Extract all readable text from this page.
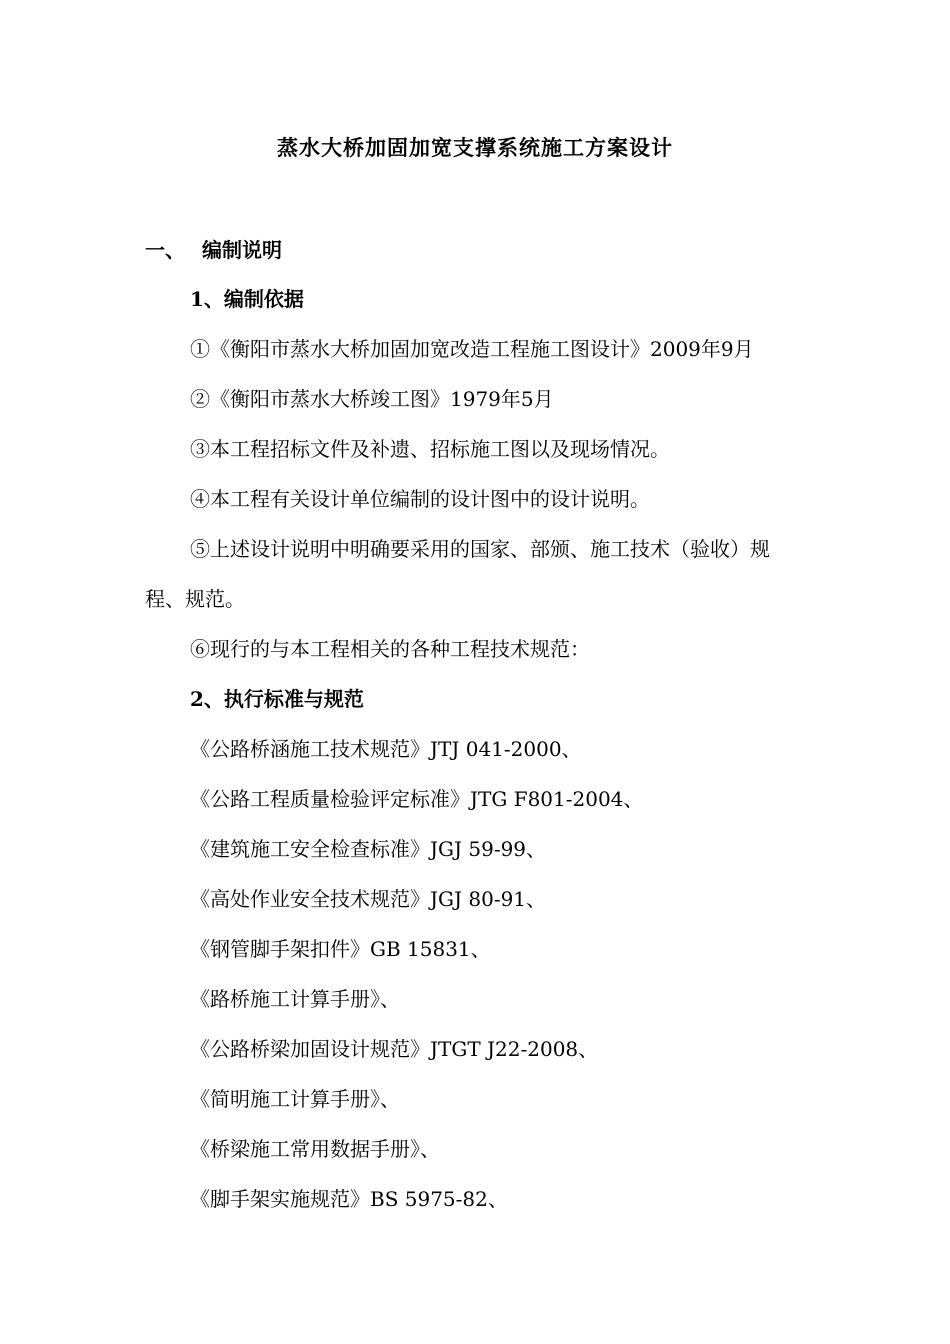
蒸水大桥加固加宽支撑系统施工方案设计
一、 编制说明
1、编制依据
①《衡阳市蒸水大桥加固加宽改造工程施工图设计》2009年9月
②《衡阳市蒸水大桥竣工图》1979年5月
③本工程招标文件及补遗、招标施工图以及现场情况。
④本工程有关设计单位编制的设计图中的设计说明。
⑤上述设计说明中明确要采用的国家、部颁、施工技术（验收）规
程、规范。
⑥现行的与本工程相关的各种工程技术规范：
2、执行标准与规范
《公路桥涵施工技术规范》JTJ 041-2000、
《公路工程质量检验评定标准》JTG F801-2004、
《建筑施工安全检查标准》JGJ 59-99、
《高处作业安全技术规范》JGJ 80-91、
《钢管脚手架扣件》GB 15831、
《路桥施工计算手册》、
《公路桥梁加固设计规范》JTGT J22-2008、
《简明施工计算手册》、
《桥梁施工常用数据手册》、
《脚手架实施规范》BS 5975-82、
